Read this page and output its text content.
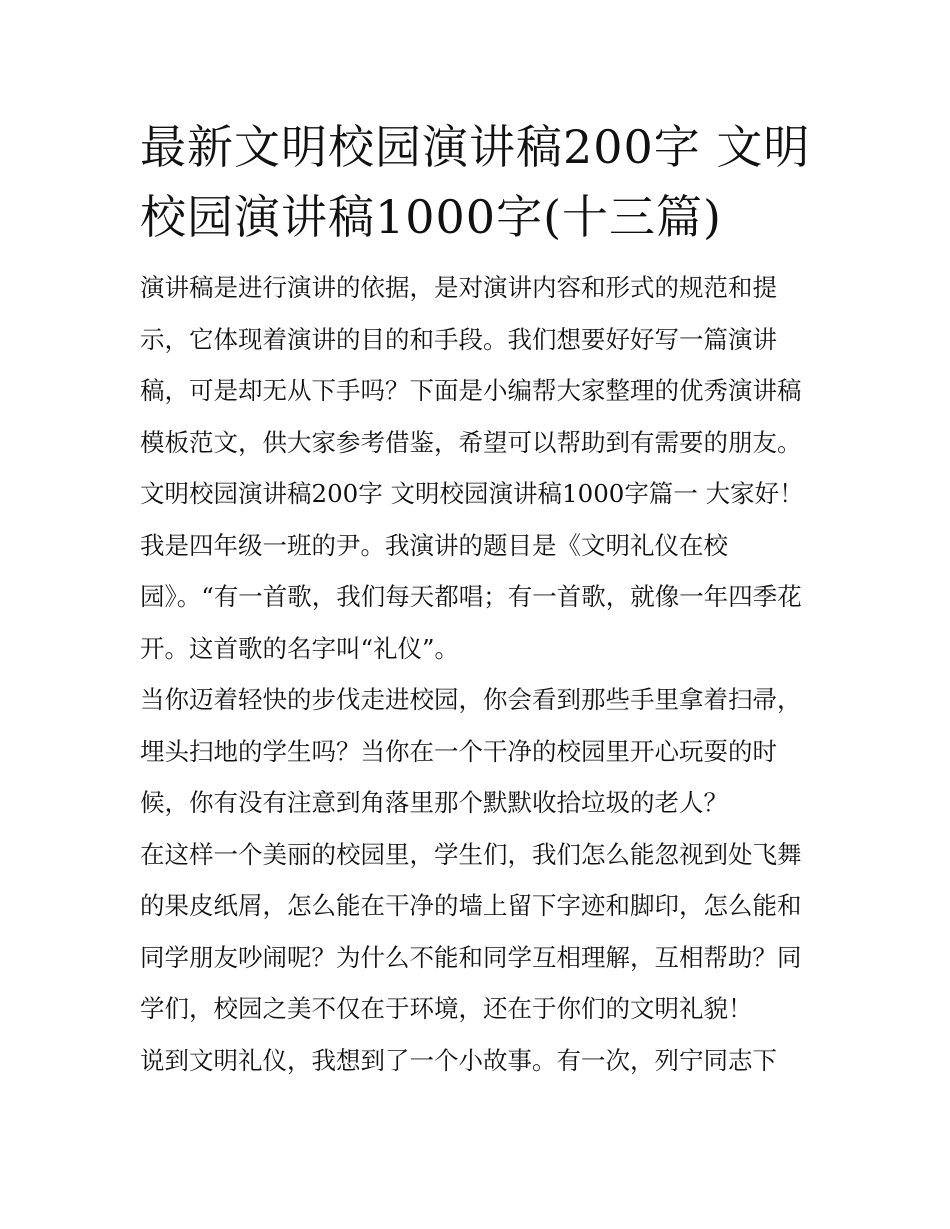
最新文明校园演讲稿200字 文明校园演讲稿1000字(十三篇)

演讲稿是进行演讲的依据，是对演讲内容和形式的规范和提示，它体现着演讲的目的和手段。我们想要好好写一篇演讲稿，可是却无从下手吗？下面是小编帮大家整理的优秀演讲稿模板范文，供大家参考借鉴，希望可以帮助到有需要的朋友。

文明校园演讲稿200字 文明校园演讲稿1000字篇一 大家好！我是四年级一班的尹。我演讲的题目是《文明礼仪在校园》。“有一首歌，我们每天都唱；有一首歌，就像一年四季花开。这首歌的名字叫“礼仪”。

当你迈着轻快的步伐走进校园，你会看到那些手里拿着扫帚，埋头扫地的学生吗？当你在一个干净的校园里开心玩耍的时候，你有没有注意到角落里那个默默收拾垃圾的老人？

在这样一个美丽的校园里，学生们，我们怎么能忽视到处飞舞的果皮纸屑，怎么能在干净的墙上留下字迹和脚印，怎么能和同学朋友吵闹呢？为什么不能和同学互相理解，互相帮助？同学们，校园之美不仅在于环境，还在于你们的文明礼貌！

说到文明礼仪，我想到了一个小故事。有一次，列宁同志下
